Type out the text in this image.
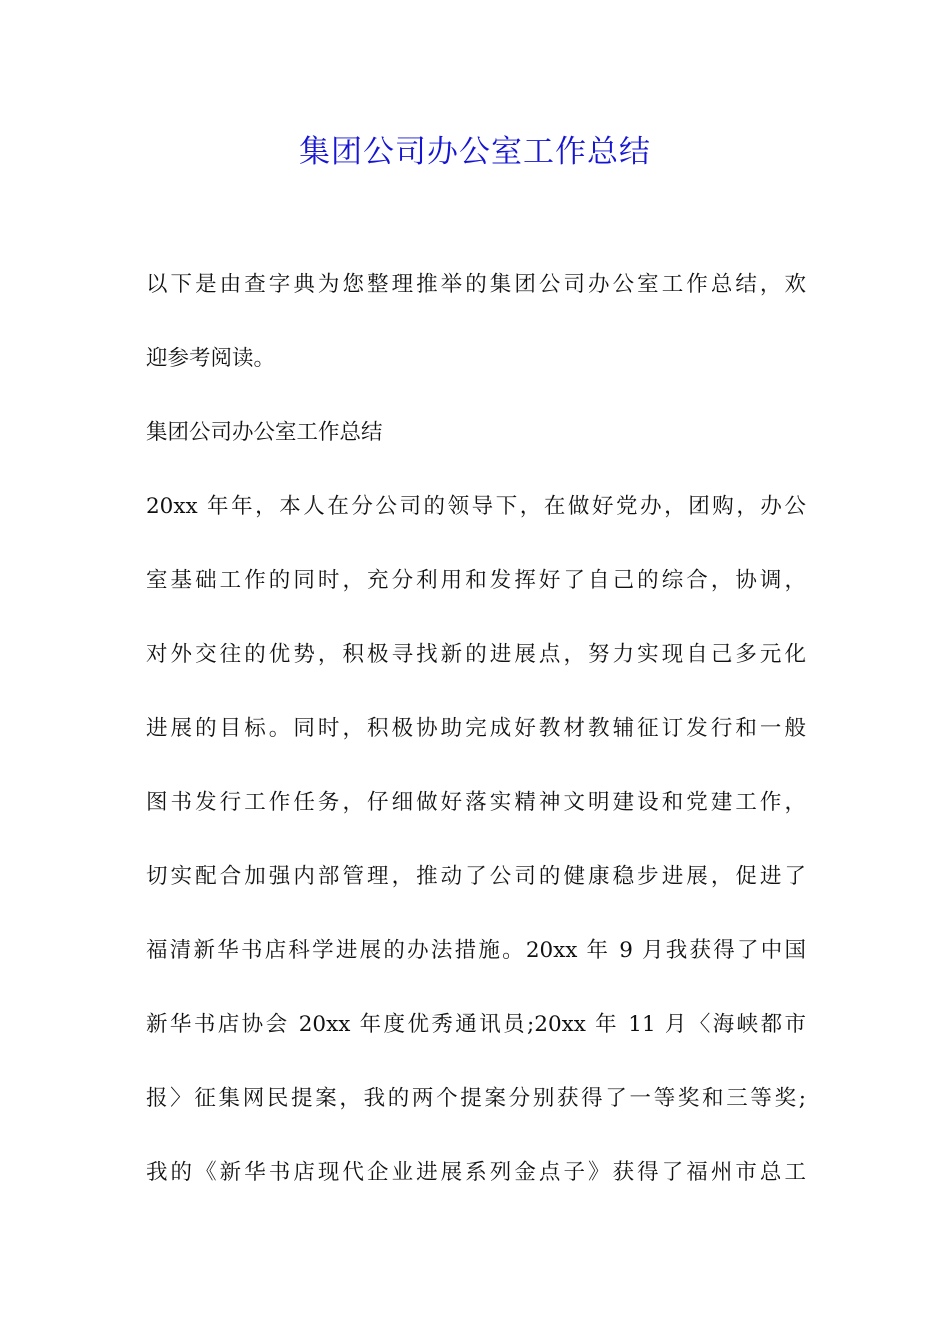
集团公司办公室工作总结
以下是由查字典为您整理推举的集团公司办公室工作总结，欢
迎参考阅读。
集团公司办公室工作总结
20xx 年年，本人在分公司的领导下，在做好党办，团购，办公
室基础工作的同时，充分利用和发挥好了自己的综合，协调，
对外交往的优势，积极寻找新的进展点，努力实现自己多元化
进展的目标。同时，积极协助完成好教材教辅征订发行和一般
图书发行工作任务，仔细做好落实精神文明建设和党建工作，
切实配合加强内部管理，推动了公司的健康稳步进展，促进了
福清新华书店科学进展的办法措施。20xx 年 9 月我获得了中国
新华书店协会 20xx 年度优秀通讯员;20xx 年 11 月〈海峡都市
报〉征集网民提案，我的两个提案分别获得了一等奖和三等奖;
我的《新华书店现代企业进展系列金点子》获得了福州市总工
